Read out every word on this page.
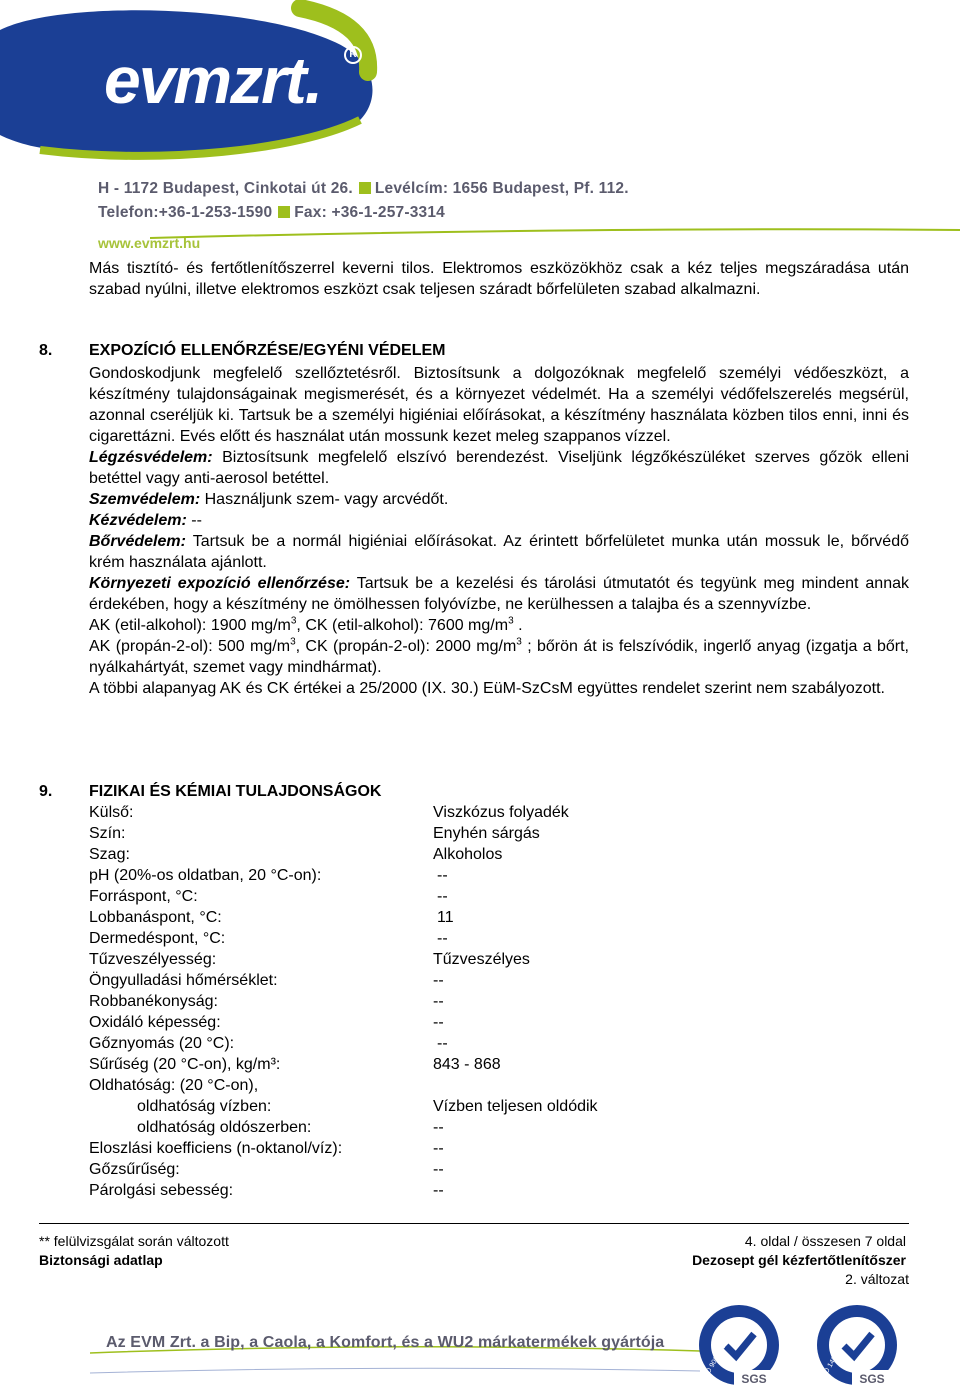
evmzrt.	R
H - 1172 Budapest, Cinkotai út 26. Levélcím: 1656 Budapest, Pf. 112.
Telefon:+36-1-253-1590 Fax: +36-1-257-3314
www.evmzrt.hu
Más tisztító- és fertőtlenítőszerrel keverni tilos. Elektromos eszközökhöz csak a kéz teljes megszáradása után szabad nyúlni, illetve elektromos eszközt csak teljesen száradt bőrfelületen szabad alkalmazni.
8. EXPOZÍCIÓ ELLENŐRZÉSE/EGYÉNI VÉDELEM
Gondoskodjunk megfelelő szellőztetésről. Biztosítsunk a dolgozóknak megfelelő személyi védőeszközt, a készítmény tulajdonságainak megismerését, és a környezet védelmét. Ha a személyi védőfelszerelés megsérül, azonnal cseréljük ki. Tartsuk be a személyi higiéniai előírásokat, a készítmény használata közben tilos enni, inni és cigarettázni. Evés előtt és használat után mossunk kezet meleg szappanos vízzel.
Légzésvédelem: Biztosítsunk megfelelő elszívó berendezést. Viseljünk légzőkészüléket szerves gőzök elleni betéttel vagy anti-aerosol betéttel.
Szemvédelem: Használjunk szem- vagy arcvédőt.
Kézvédelem: --
Bőrvédelem: Tartsuk be a normál higiéniai előírásokat. Az érintett bőrfelületet munka után mossuk le, bőrvédő krém használata ajánlott.
Környezeti expozíció ellenőrzése: Tartsuk be a kezelési és tárolási útmutatót és tegyünk meg mindent annak érdekében, hogy a készítmény ne ömölhessen folyóvízbe, ne kerülhessen a talajba és a szennyvízbe.
AK (etil-alkohol): 1900 $mg/m^3$, CK (etil-alkohol): 7600 $mg/m^3$ .
AK (propán-2-ol): 500 $mg/m^3$, CK (propán-2-ol): 2000 $mg/m^3$ ; bőrön át is felszívódik, ingerlő anyag (izgatja a bőrt, nyálkahártyát, szemet vagy mindhármat).
A többi alapanyag AK és CK értékei a 25/2000 (IX. 30.) EüM-SzCsM együttes rendelet szerint nem szabályozott.
9. FIZIKAI ÉS KÉMIAI TULAJDONSÁGOK
Külső:	Viszkózus folyadék
Szín:	Enyhén sárgás
Szag:	Alkoholos
pH (20%-os oldatban, 20 °C-on):	--
Forráspont, °C:	--
Lobbanáspont, °C:	11
Dermedéspont, °C:	--
Tűzveszélyesség:	Tűzveszélyes
Öngyulladási hőmérséklet:	--
Robbanékonyság:	--
Oxidáló képesség:	--
Gőznyomás (20 °C):	--
Sűrűség (20 °C-on), kg/m³:	843 - 868
Oldhatóság: (20 °C-on),
oldhatóság vízben:	Vízben teljesen oldódik
oldhatóság oldószerben:	--
Eloszlási koefficiens (n-oktanol/víz):	--
Gőzsűrűség:	--
Párolgási sebesség:	--
** felülvizsgálat során változott
Biztonsági adatlap
4. oldal / összesen 7 oldal
Dezosept gél kézfertőtlenítőszer
2. változat
Az EVM Zrt. a Bip, a Caola, a Komfort, és a WU2 márkatermékek gyártója
SGS
ISO 9001:2000	SGS
ISO 14001
